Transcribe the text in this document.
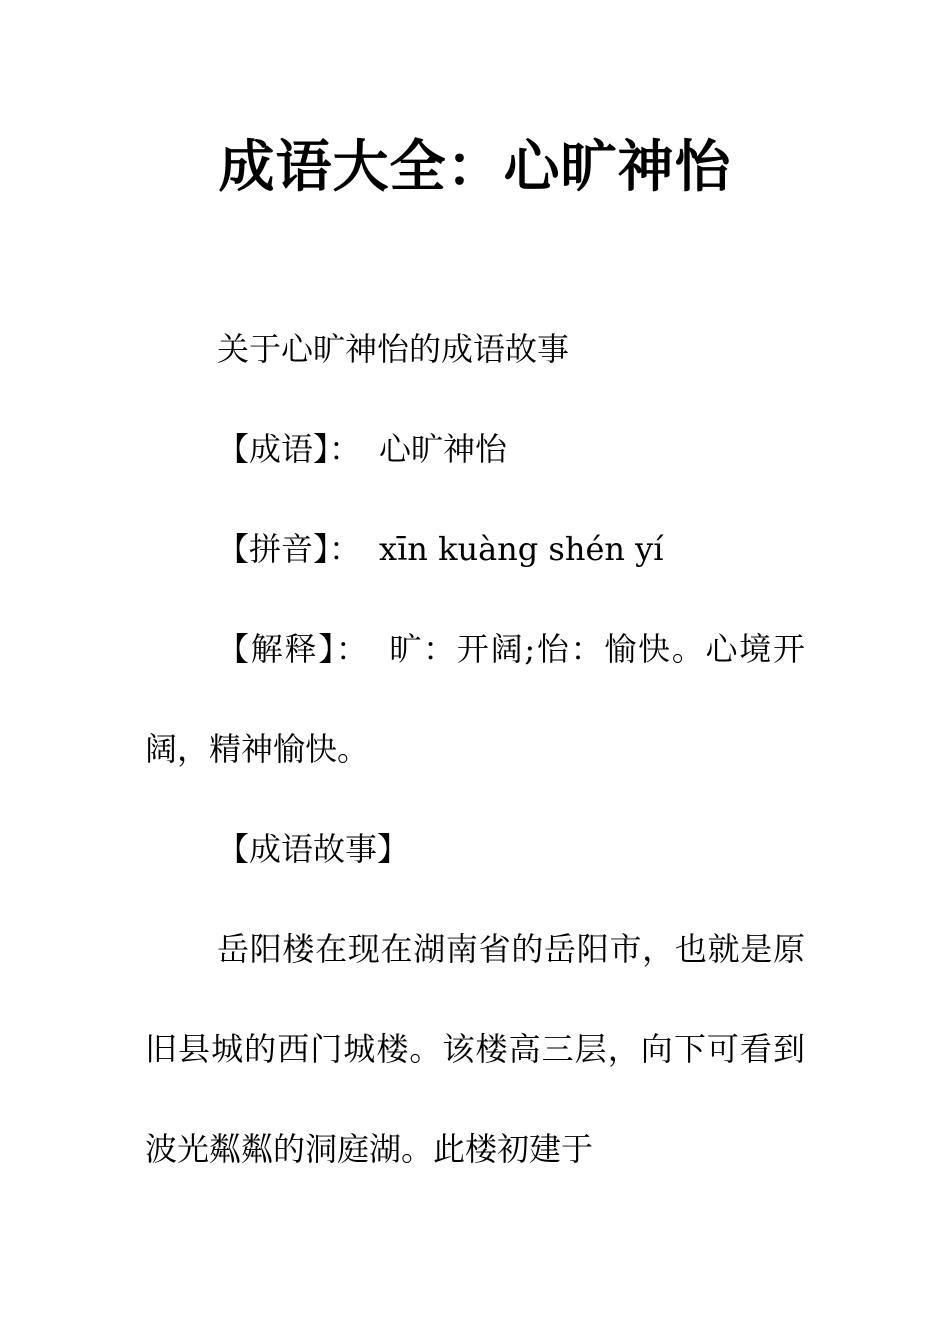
成语大全：心旷神怡

关于心旷神怡的成语故事

【成语】： 心旷神怡

【拼音】： xīn kuàng shén yí

【解释】： 旷：开阔;怡：愉快。心境开阔，精神愉快。

【成语故事】

岳阳楼在现在湖南省的岳阳市，也就是原旧县城的西门城楼。该楼高三层，向下可看到波光粼粼的洞庭湖。此楼初建于
